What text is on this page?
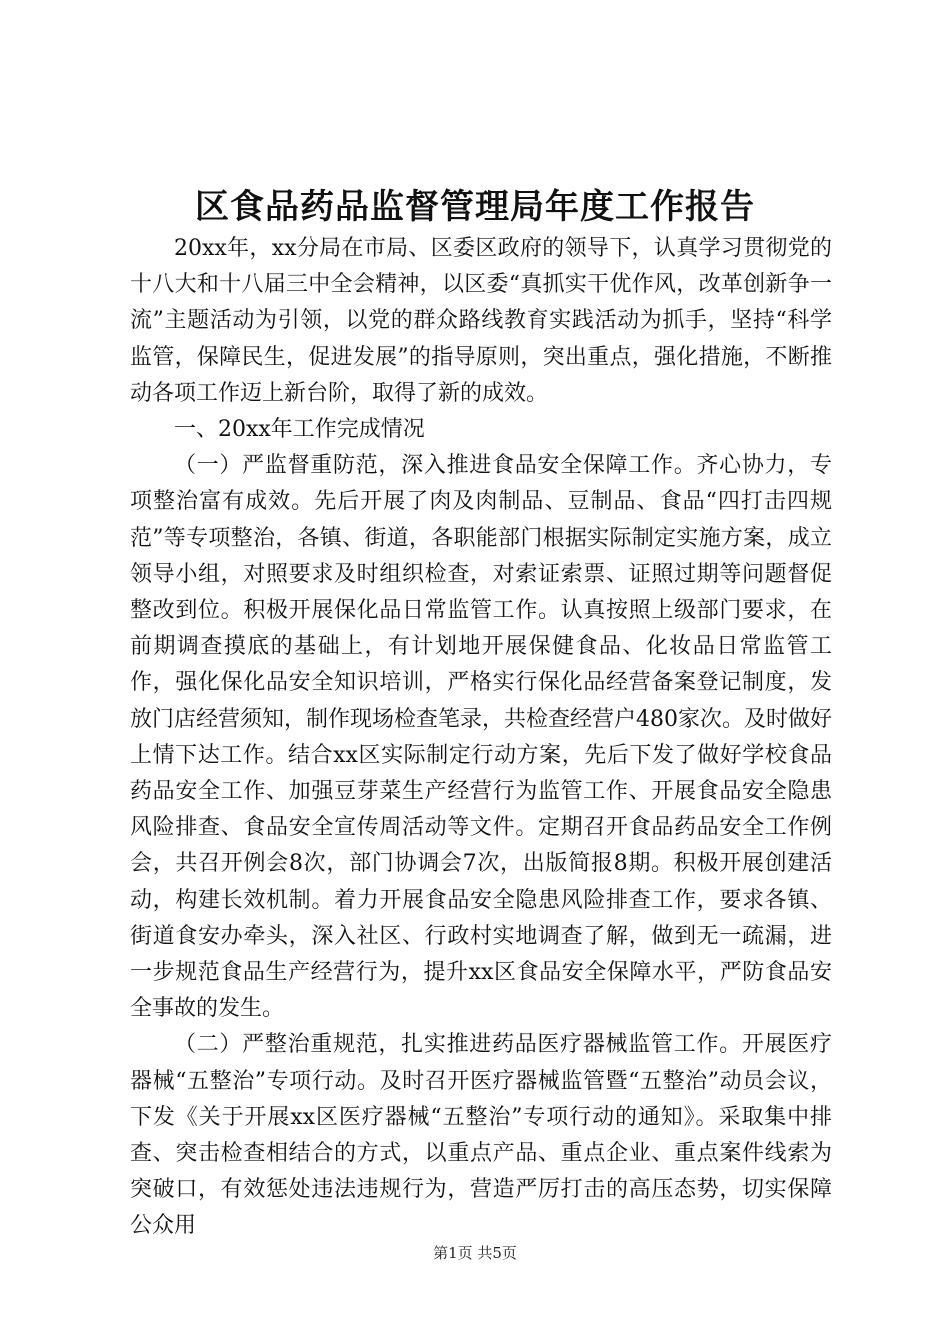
区食品药品监督管理局年度工作报告

20xx年，xx分局在市局、区委区政府的领导下，认真学习贯彻党的十八大和十八届三中全会精神，以区委“真抓实干优作风，改革创新争一流”主题活动为引领，以党的群众路线教育实践活动为抓手，坚持“科学监管，保障民生，促进发展”的指导原则，突出重点，强化措施，不断推动各项工作迈上新台阶，取得了新的成效。

一、20xx年工作完成情况

（一）严监督重防范，深入推进食品安全保障工作。齐心协力，专项整治富有成效。先后开展了肉及肉制品、豆制品、食品“四打击四规范”等专项整治，各镇、街道，各职能部门根据实际制定实施方案，成立领导小组，对照要求及时组织检查，对索证索票、证照过期等问题督促整改到位。积极开展保化品日常监管工作。认真按照上级部门要求，在前期调查摸底的基础上，有计划地开展保健食品、化妆品日常监管工作，强化保化品安全知识培训，严格实行保化品经营备案登记制度，发放门店经营须知，制作现场检查笔录，共检查经营户480家次。及时做好上情下达工作。结合xx区实际制定行动方案，先后下发了做好学校食品药品安全工作、加强豆芽菜生产经营行为监管工作、开展食品安全隐患风险排查、食品安全宣传周活动等文件。定期召开食品药品安全工作例会，共召开例会8次，部门协调会7次，出版简报8期。积极开展创建活动，构建长效机制。着力开展食品安全隐患风险排查工作，要求各镇、街道食安办牵头，深入社区、行政村实地调查了解，做到无一疏漏，进一步规范食品生产经营行为，提升xx区食品安全保障水平，严防食品安全事故的发生。

（二）严整治重规范，扎实推进药品医疗器械监管工作。开展医疗器械“五整治”专项行动。及时召开医疗器械监管暨“五整治”动员会议，下发《关于开展xx区医疗器械“五整治”专项行动的通知》。采取集中排查、突击检查相结合的方式，以重点产品、重点企业、重点案件线索为突破口，有效惩处违法违规行为，营造严厉打击的高压态势，切实保障公众用

第1页 共5页
